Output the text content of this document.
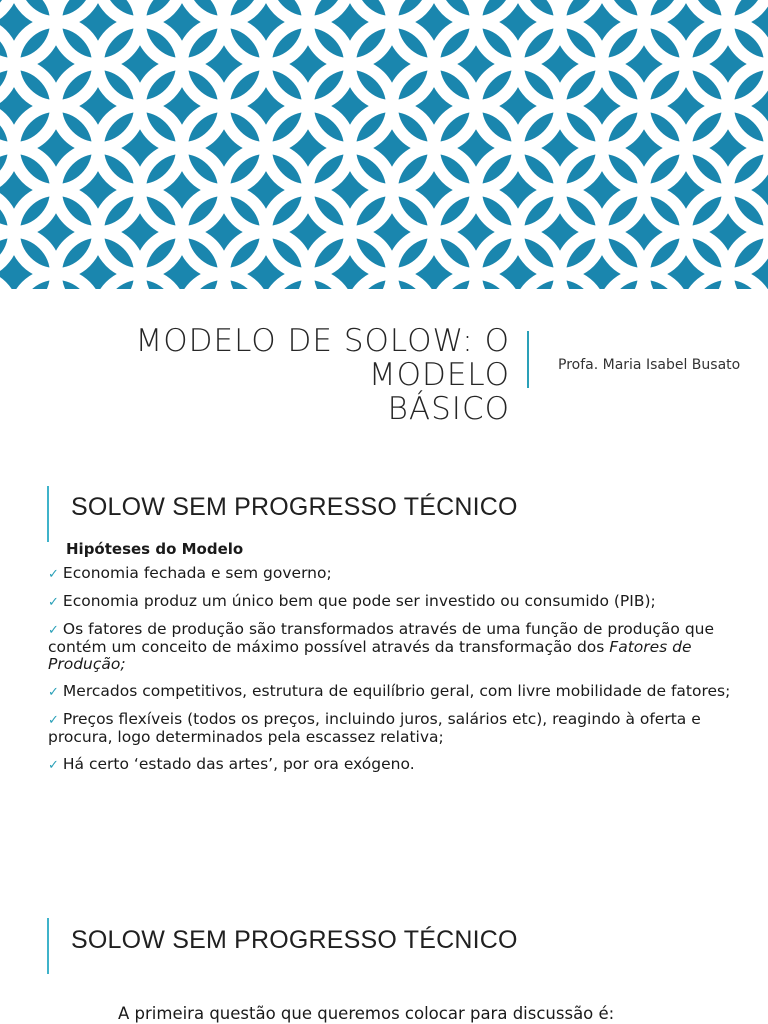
MODELO DE SOLOW: O MODELO
BÁSICO
Profa. Maria Isabel Busato
SOLOW SEM PROGRESSO TÉCNICO
Hipóteses do Modelo
✓ Economia fechada e sem governo;
✓ Economia produz um único bem que pode ser investido ou consumido (PIB);
✓ Os fatores de produção são transformados através de uma função de produção que contém um conceito de máximo possível através da transformação dos Fatores de Produção;
✓ Mercados competitivos, estrutura de equilíbrio geral, com livre mobilidade de fatores;
✓ Preços flexíveis (todos os preços, incluindo juros, salários etc), reagindo à oferta e procura, logo determinados pela escassez relativa;
✓ Há certo ‘estado das artes’, por ora exógeno.
SOLOW SEM PROGRESSO TÉCNICO
A primeira questão que queremos colocar para discussão é:
